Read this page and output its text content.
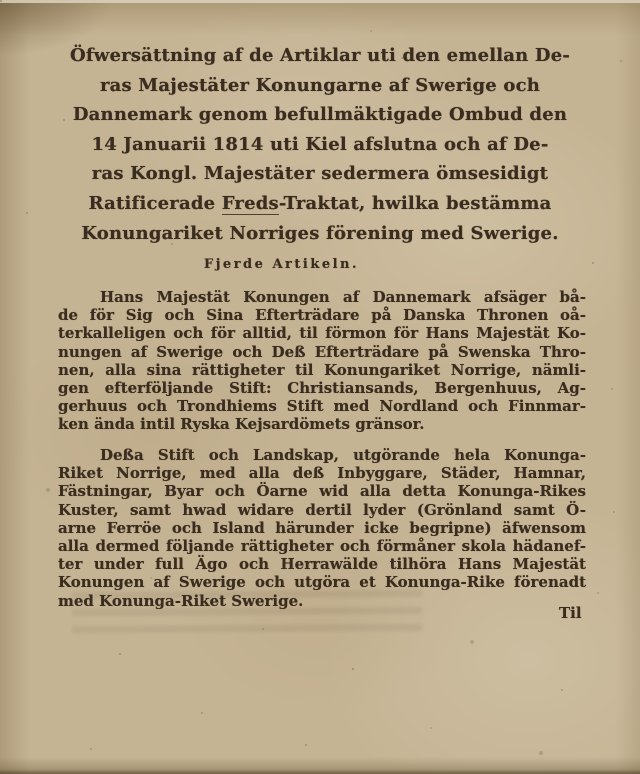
Öfwersättning af de Artiklar uti den emellan De-
ras Majestäter Konungarne af Swerige och
Dannemark genom befullmäktigade Ombud den
14 Januarii 1814 uti Kiel afslutna och af De-
ras Kongl. Majestäter sedermera ömsesidigt
Ratificerade Freds-Traktat, hwilka bestämma
Konungariket Norriges förening med Swerige.
Fjerde Artikeln.
Hans Majestät Konungen af Dannemark afsäger bå-
de för Sig och Sina Efterträdare på Danska Thronen oå-
terkalleligen och för alltid, til förmon för Hans Majestät Ko-
nungen af Swerige och Deß Efterträdare på Swenska Thro-
nen, alla sina rättigheter til Konungariket Norrige, nämli-
gen efterföljande Stift: Christiansands, Bergenhuus, Ag-
gerhuus och Trondhiems Stift med Nordland och Finnmar-
ken ända intil Ryska Kejsardömets gränsor.
Deßa Stift och Landskap, utgörande hela Konunga-
Riket Norrige, med alla deß Inbyggare, Städer, Hamnar,
Fästningar, Byar och Öarne wid alla detta Konunga-Rikes
Kuster, samt hwad widare dertil lyder (Grönland samt Ö-
arne Ferröe och Island härunder icke begripne) äfwensom
alla dermed följande rättigheter och förmåner skola hädanef-
ter under full Ägo och Herrawälde tilhöra Hans Majestät
Konungen af Swerige och utgöra et Konunga-Rike förenadt
med Konunga-Riket Swerige.
Til
